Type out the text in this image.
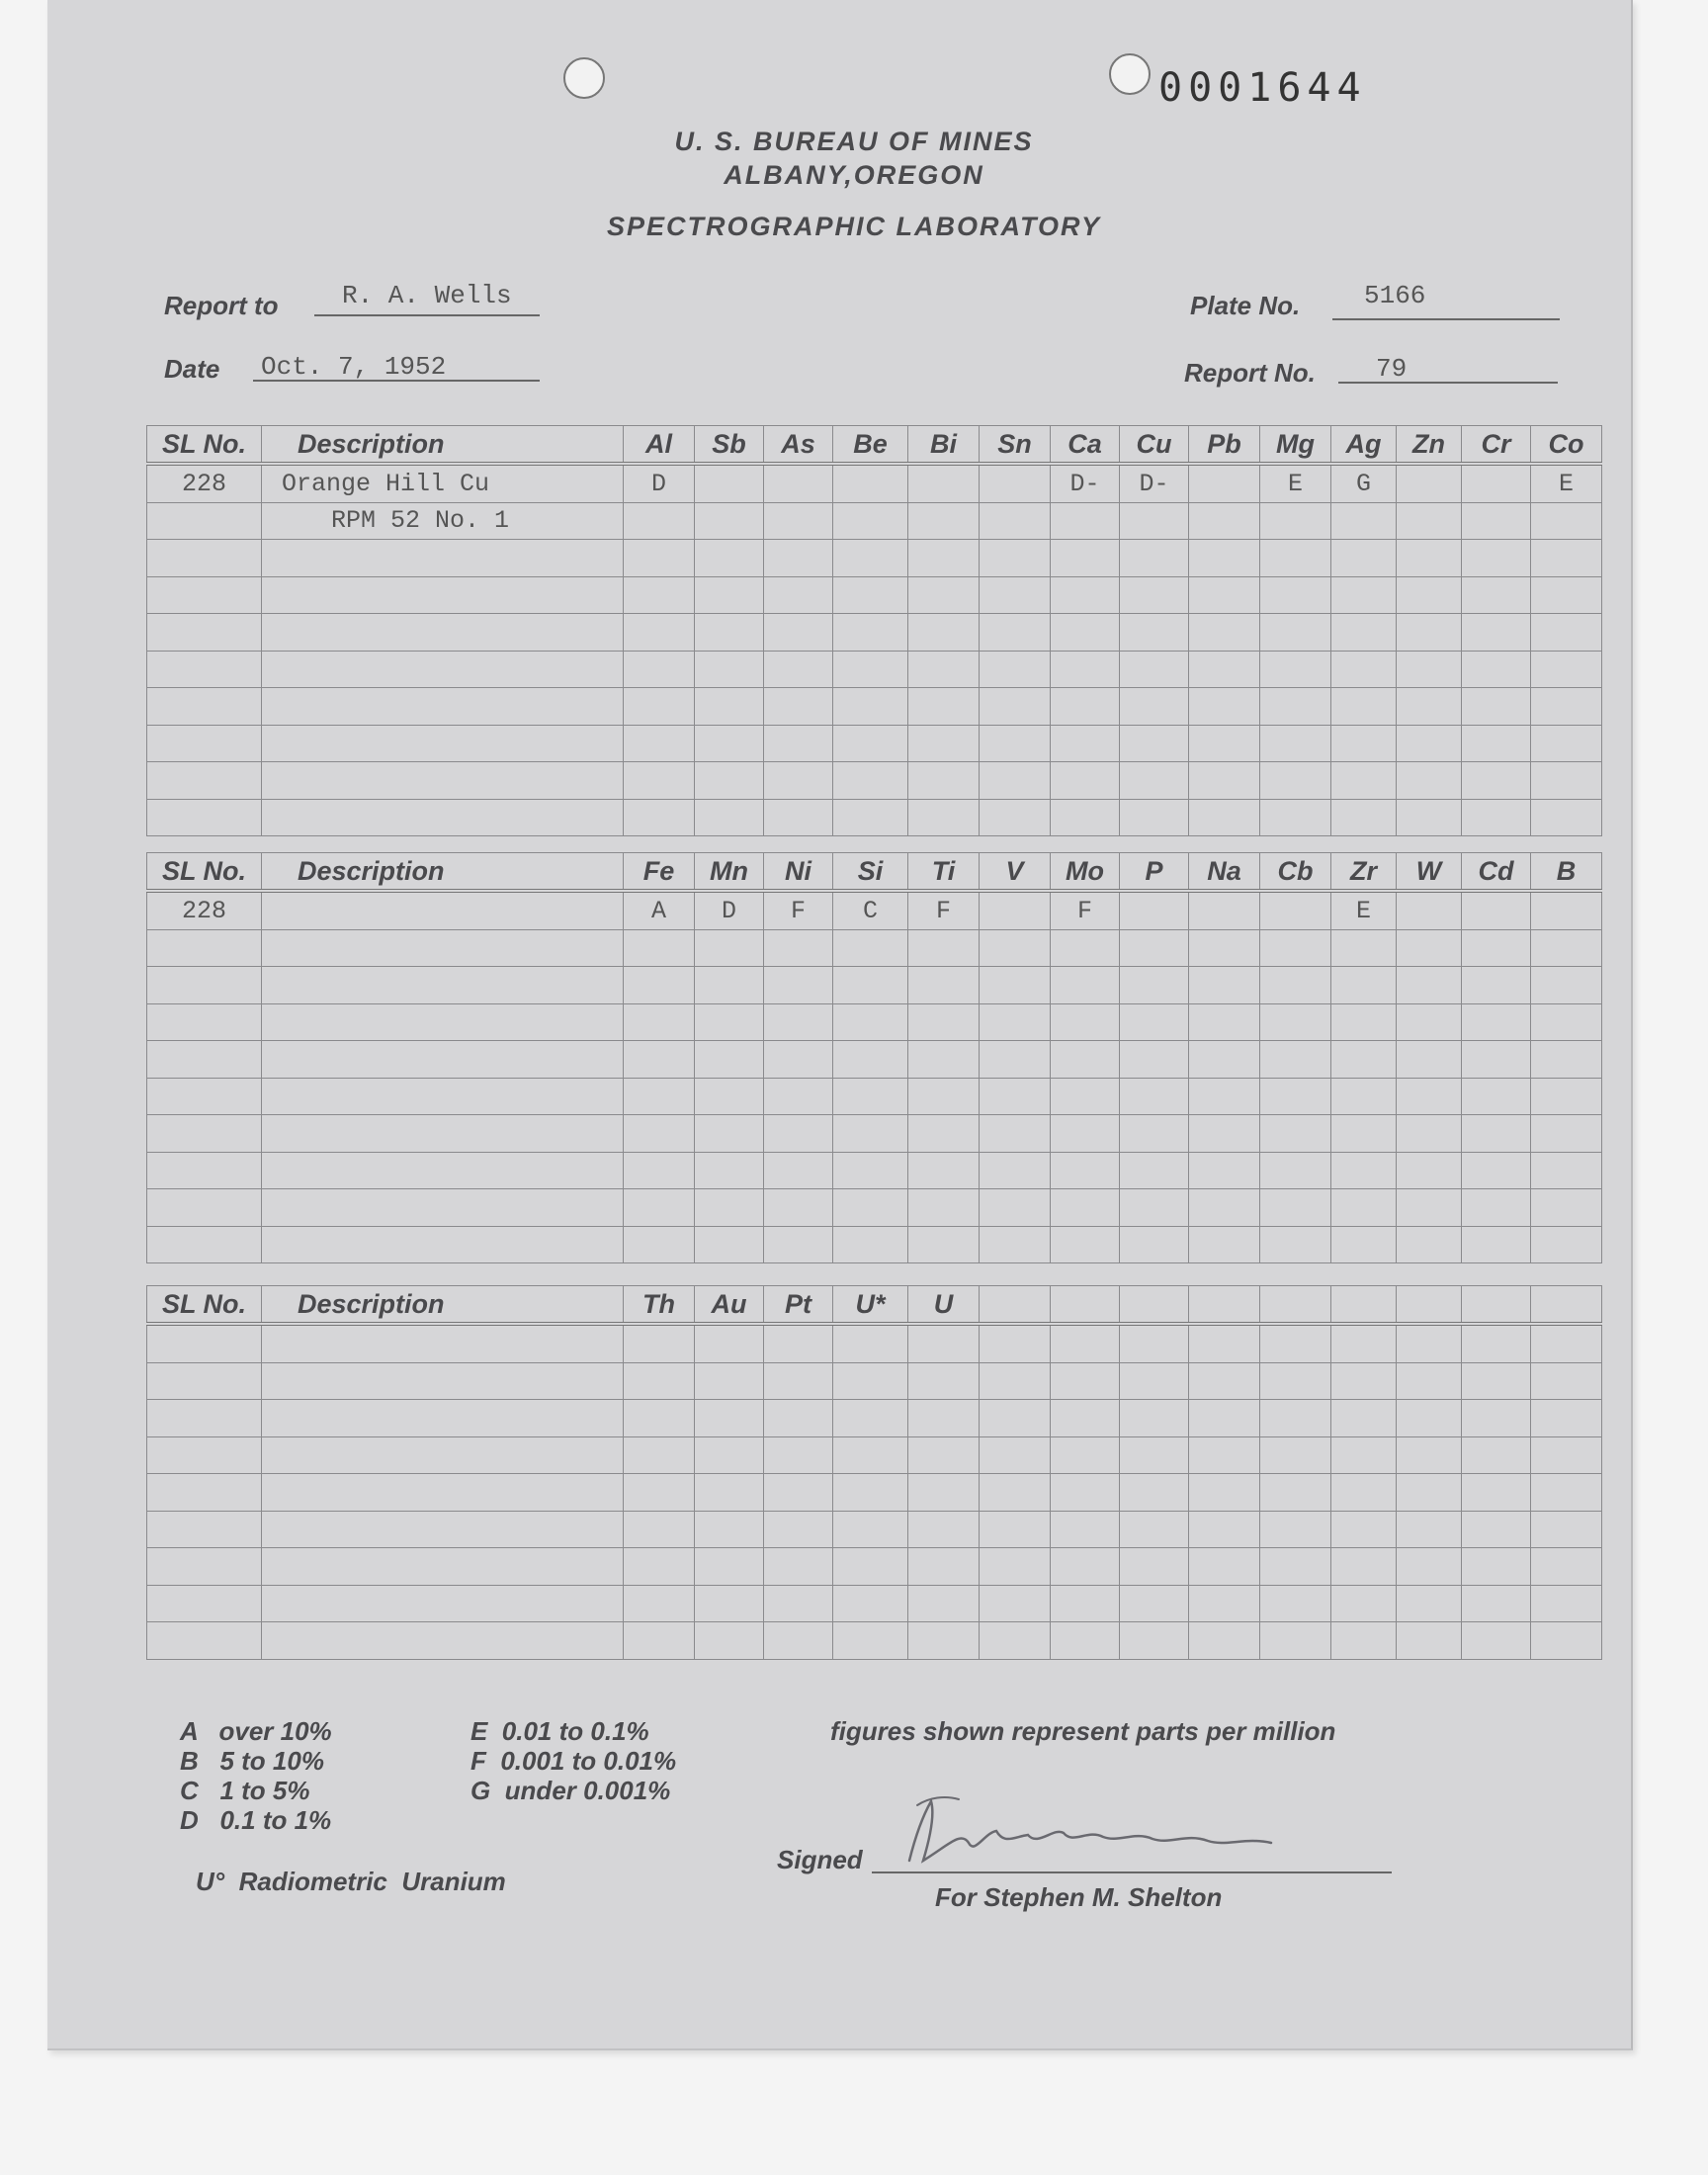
0001644
U. S. BUREAU OF MINES
ALBANY,OREGON
SPECTROGRAPHIC LABORATORY
Report to R. A. Wells
Date Oct. 7, 1952
Plate No. 5166
Report No. 79
SL No.	Description	Al	Sb	As	Be	Bi	Sn	Ca	Cu	Pb	Mg	Ag	Zn	Cr	Co
228	Orange Hill Cu	D						D-	D-		E	G			E
	RPM 52 No. 1														

SL No.	Description	Fe	Mn	Ni	Si	Ti	V	Mo	P	Na	Cb	Zr	W	Cd	B
228		A	D	F	C	F		F				E			

SL No.	Description	Th	Au	Pt	U*	U									

A   over 10%
B   5 to 10%
C   1 to 5%
D   0.1 to 1%
E  0.01 to 0.1%
F  0.001 to 0.01%
G  under 0.001%
figures shown represent parts per million
U°  Radiometric  Uranium
Signed
For Stephen M. Shelton
